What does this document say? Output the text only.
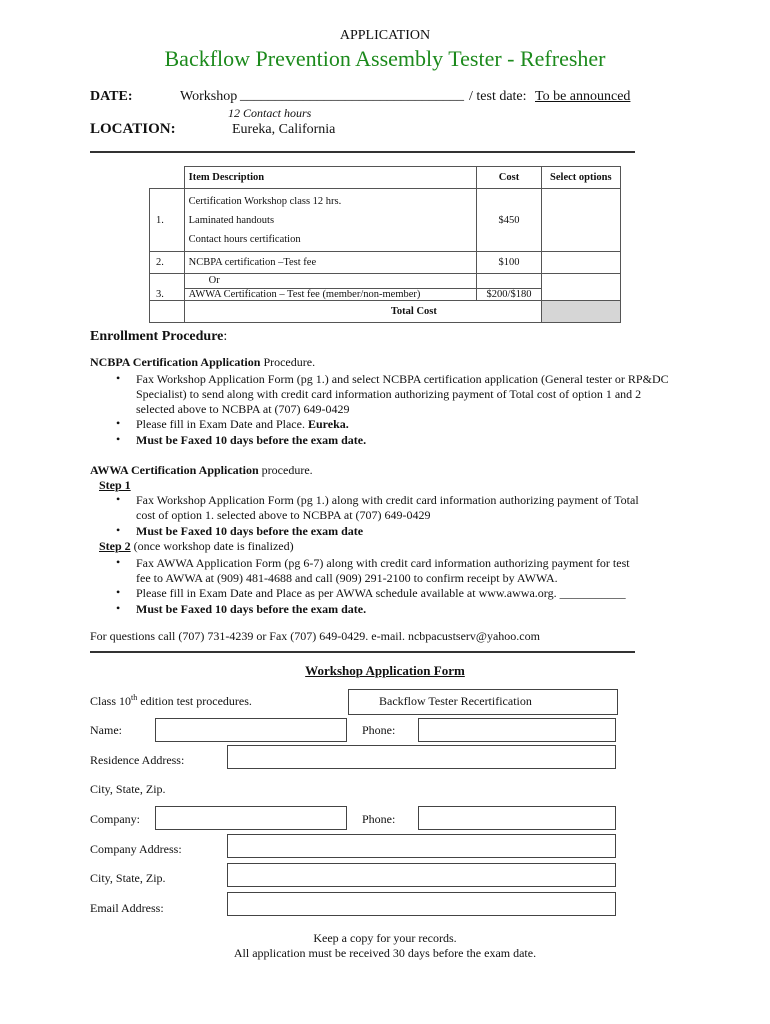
APPLICATION
Backflow Prevention Assembly Tester - Refresher
DATE:	Workshop ________________________________ / test date: To be announced
12 Contact hours
LOCATION:	Eureka, California
	Item Description	Cost	Select options
1.	Certification Workshop class 12 hrs.
Laminated handouts
Contact hours certification	$450	
2.	NCBPA certification –Test fee	$100	

3.	Or
AWWA Certification – Test fee (member/non-member)	$200/$180	

	Total Cost		
Enrollment Procedure:
NCBPA Certification Application Procedure.
• Fax Workshop Application Form (pg 1.) and select NCBPA certification application (General tester or RP&DC
Specialist) to send along with credit card information authorizing payment of Total cost of option 1 and 2
selected above to NCBPA at (707) 649-0429
• Please fill in Exam Date and Place. Eureka.
• Must be Faxed 10 days before the exam date.
AWWA Certification Application procedure.
Step 1
• Fax Workshop Application Form (pg 1.) along with credit card information authorizing payment of Total
cost of option 1. selected above to NCBPA at (707) 649-0429
• Must be Faxed 10 days before the exam date
Step 2 (once workshop date is finalized)
• Fax AWWA Application Form (pg 6-7) along with credit card information authorizing payment for test
fee to AWWA at (909) 481-4688 and call (909) 291-2100 to confirm receipt by AWWA.
• Please fill in Exam Date and Place as per AWWA schedule available at www.awwa.org. ___________
• Must be Faxed 10 days before the exam date.
For questions call (707) 731-4239 or Fax (707) 649-0429. e-mail. ncbpacustserv@yahoo.com
Workshop Application Form
Class 10th edition test procedures.	Backflow Tester Recertification
Name:	Phone:
Residence Address:
City, State, Zip.
Company:	Phone:
Company Address:
City, State, Zip.
Email Address:
Keep a copy for your records.
All application must be received 30 days before the exam date.
